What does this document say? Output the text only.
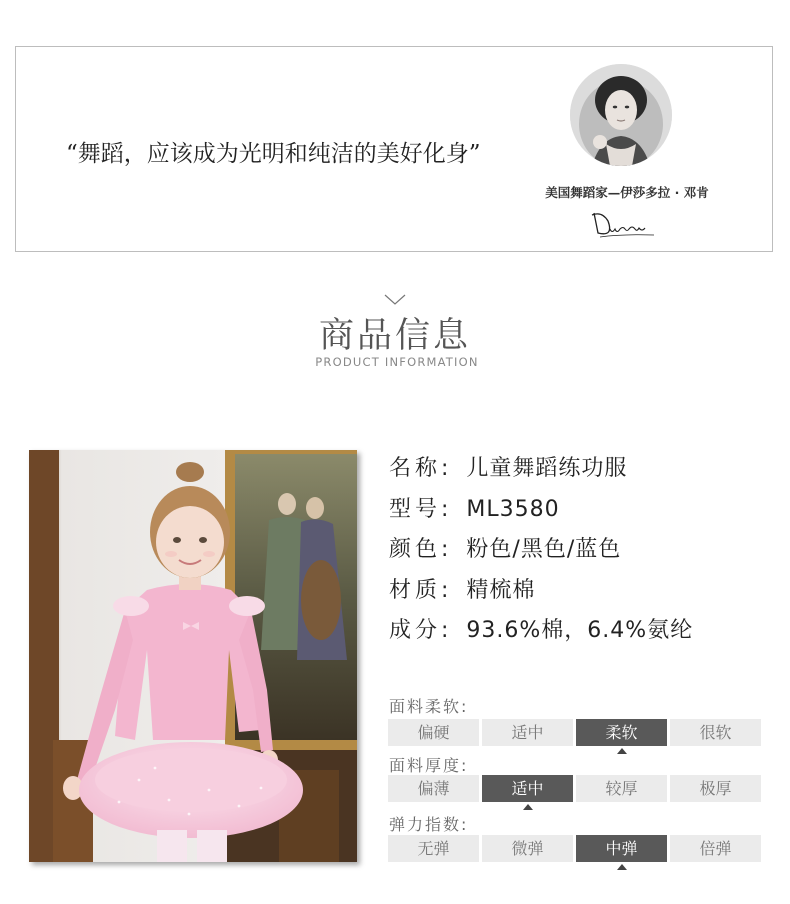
“舞蹈，应该成为光明和纯洁的美好化身”
美国舞蹈家—伊莎多拉 · 邓肯
商品信息
PRODUCT INFORMATION
名称: 儿童舞蹈练功服
型号: ML3580
颜色: 粉色/黑色/蓝色
材质: 精梳棉
成分: 93.6%棉，6.4%氨纶
面料柔软:
偏硬	适中	柔软	很软
面料厚度:
偏薄	适中	较厚	极厚
弹力指数:
无弹	微弹	中弹	倍弹
